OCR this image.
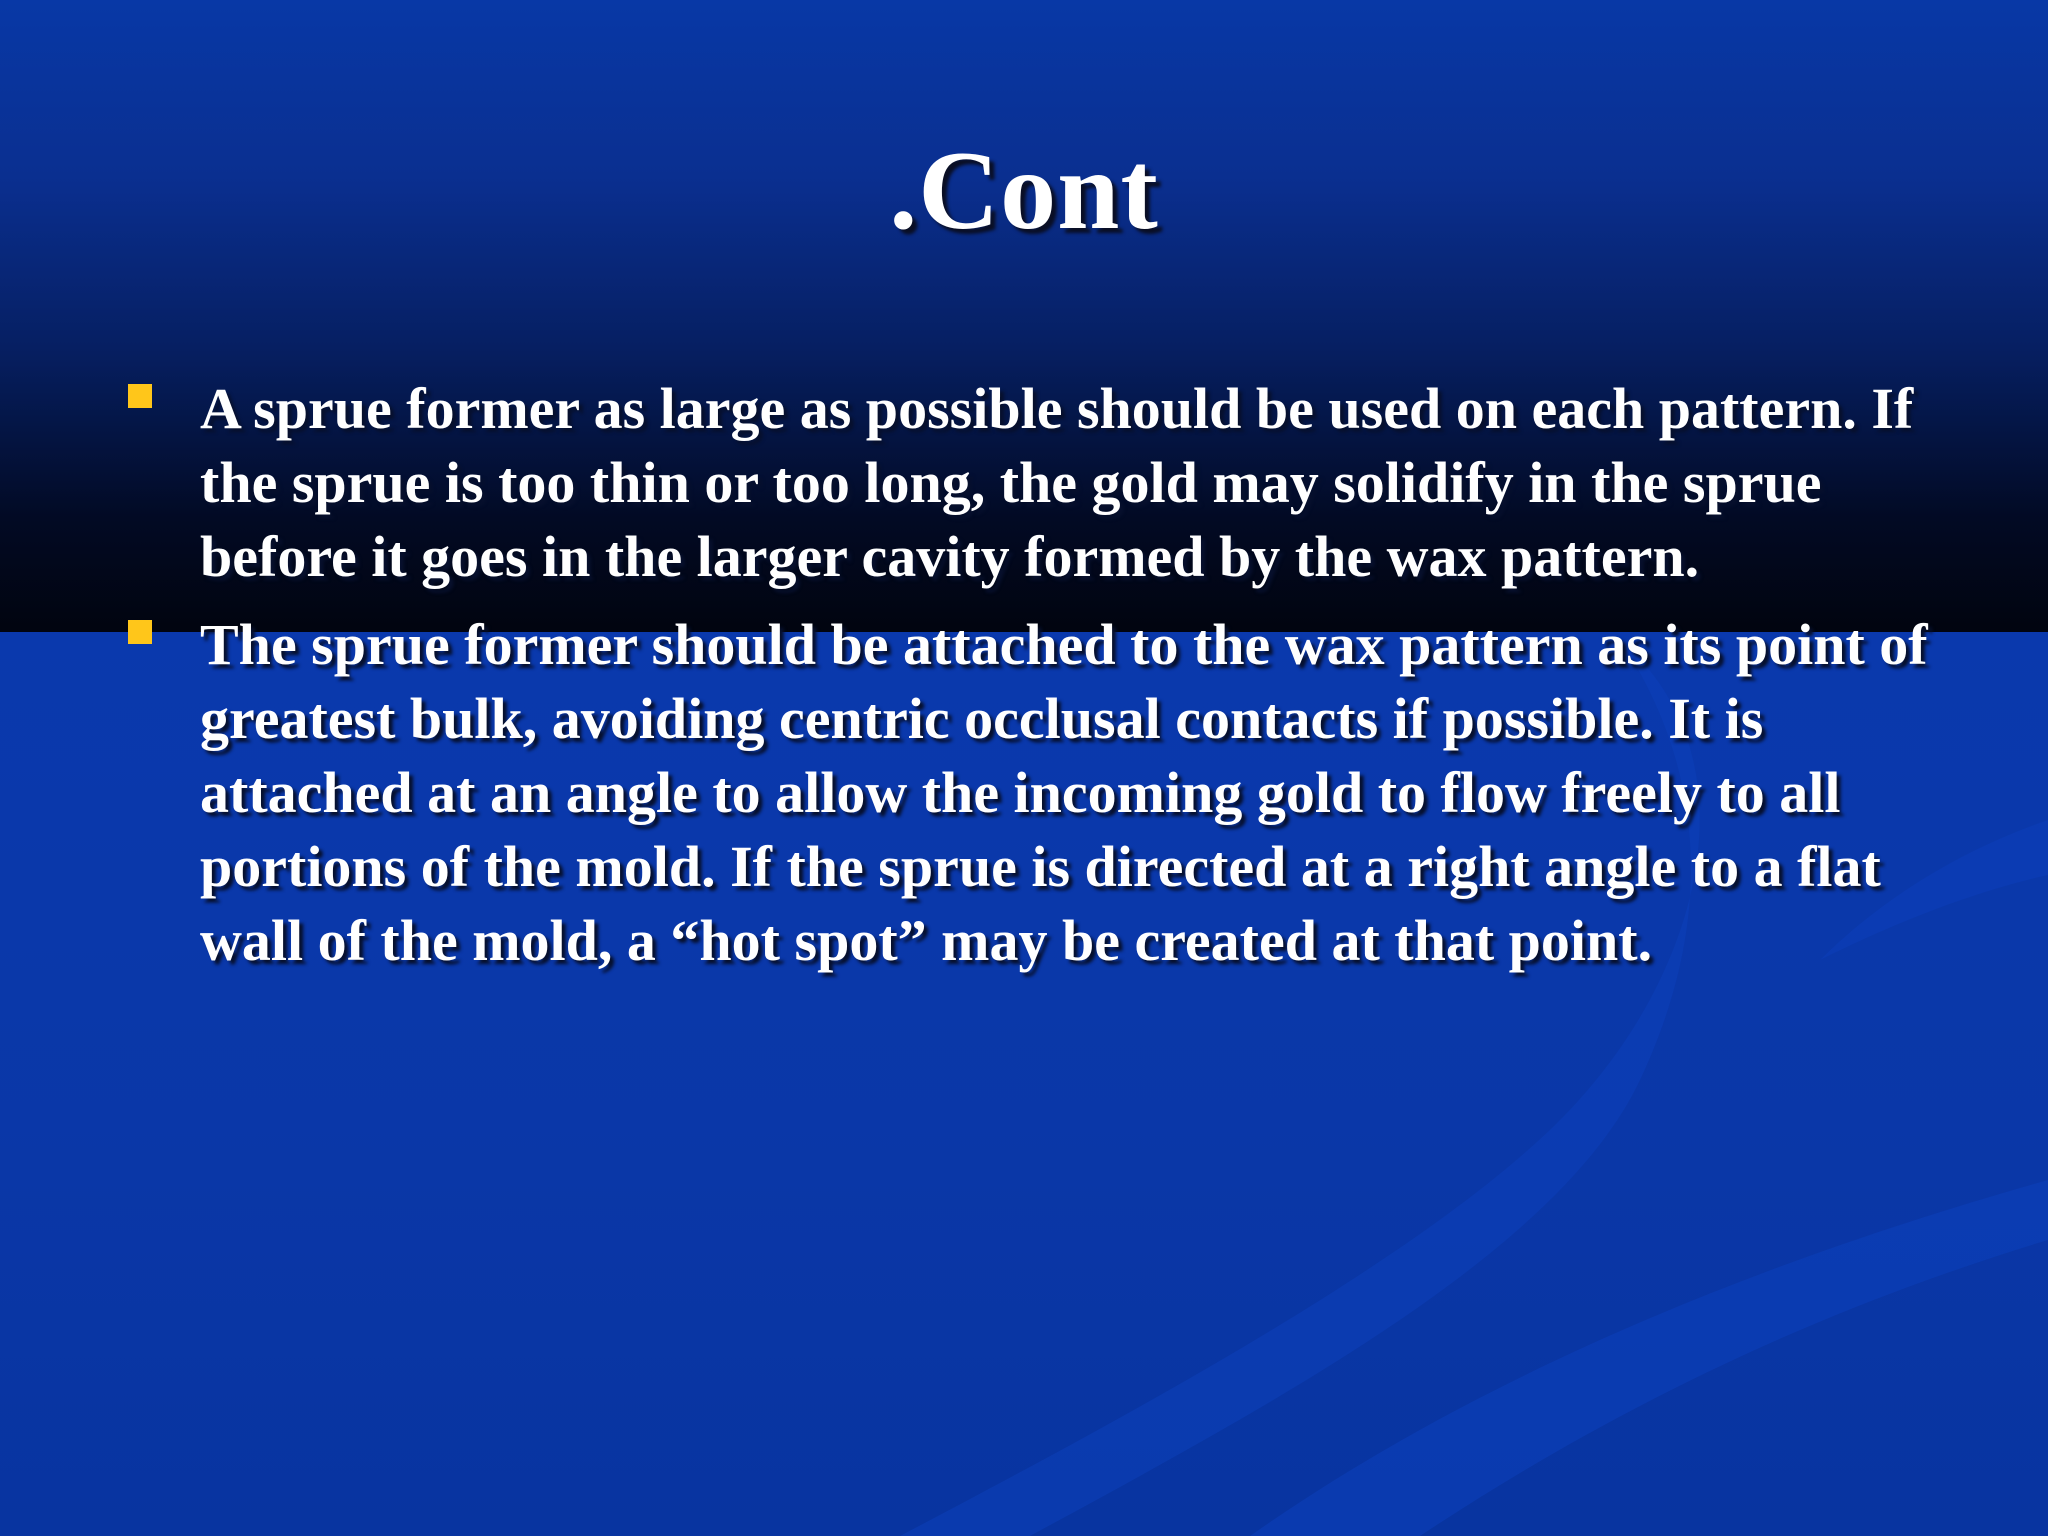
.Cont
A sprue former as large as possible should be used on each pattern. If the sprue is too thin or too long, the gold may solidify in the sprue before it goes in the larger cavity formed by the wax pattern.
The sprue former should be attached to the wax pattern as its point of greatest bulk, avoiding centric occlusal contacts if possible. It is attached at an angle to allow the incoming gold to flow freely to all portions of the mold. If the sprue is directed at a right angle to a flat wall of the mold, a “hot spot” may be created at that point.
